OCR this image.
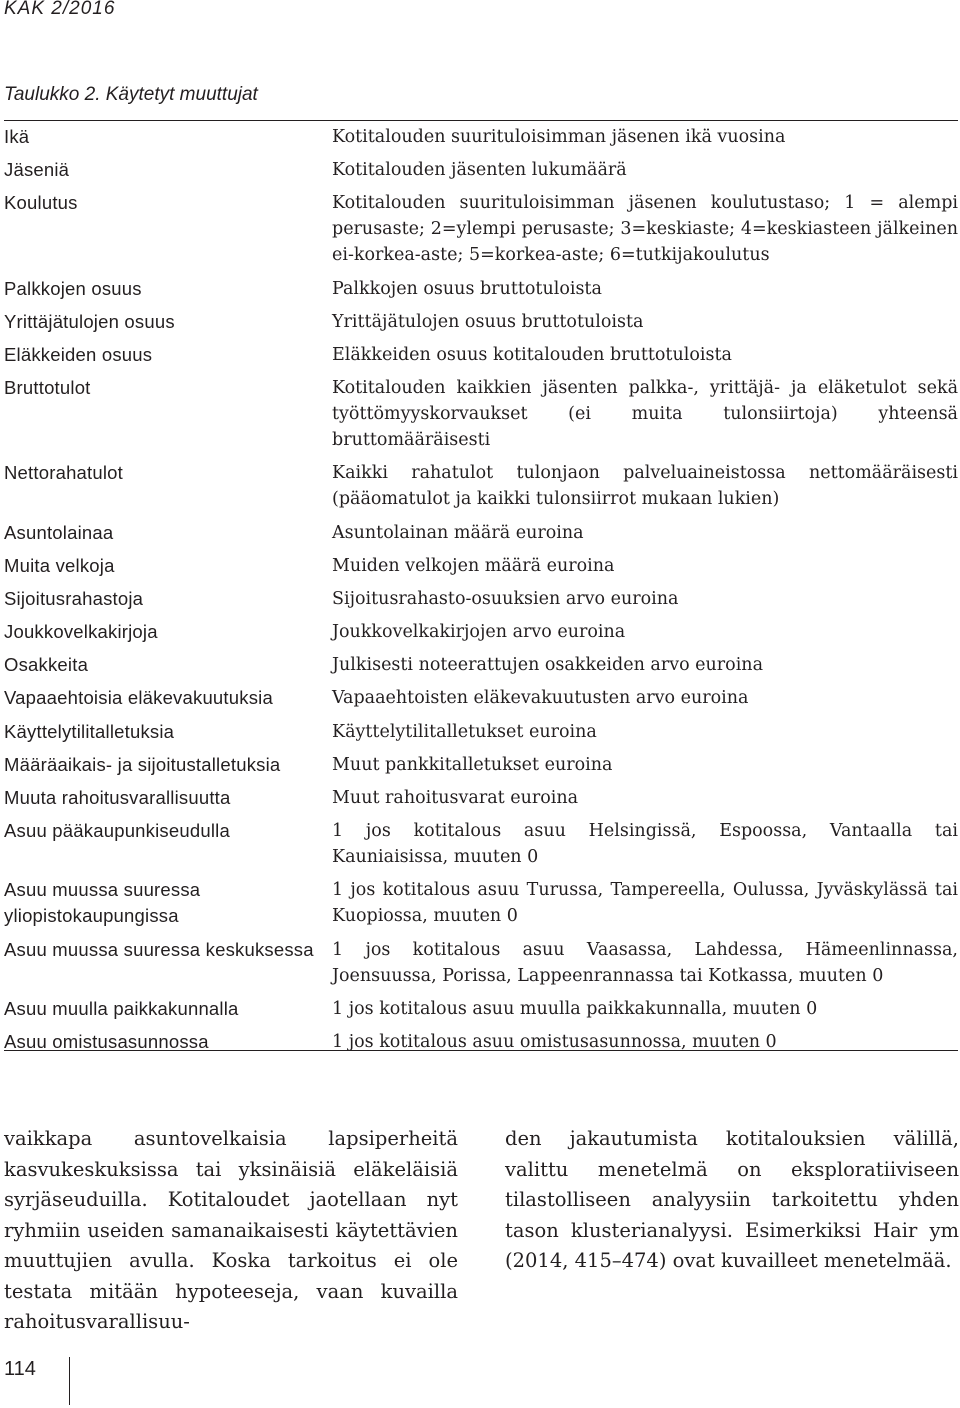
KAK 2/2016
Taulukko 2. Käytetyt muuttujat
Ikä	Kotitalouden suurituloisimman jäsenen ikä vuosina
Jäseniä	Kotitalouden jäsenten lukumäärä
Koulutus	Kotitalouden suurituloisimman jäsenen koulutustaso; 1 = alempi perusaste; 2=ylempi perusaste; 3=keskiaste; 4=keskiasteen jälkeinen ei-korkea-aste; 5=korkea-aste; 6=tutkijakoulutus
Palkkojen osuus	Palkkojen osuus bruttotuloista
Yrittäjätulojen osuus	Yrittäjätulojen osuus bruttotuloista
Eläkkeiden osuus	Eläkkeiden osuus kotitalouden bruttotuloista
Bruttotulot	Kotitalouden kaikkien jäsenten palkka-, yrittäjä- ja eläketulot sekä työttömyyskorvaukset (ei muita tulonsiirtoja) yhteensä bruttomääräisesti
Nettorahatulot	Kaikki rahatulot tulonjaon palveluaineistossa nettomääräisesti (pääomatulot ja kaikki tulonsiirrot mukaan lukien)
Asuntolainaa	Asuntolainan määrä euroina
Muita velkoja	Muiden velkojen määrä euroina
Sijoitusrahastoja	Sijoitusrahasto-osuuksien arvo euroina
Joukkovelkakirjoja	Joukkovelkakirjojen arvo euroina
Osakkeita	Julkisesti noteerattujen osakkeiden arvo euroina
Vapaaehtoisia eläkevakuutuksia	Vapaaehtoisten eläkevakuutusten arvo euroina
Käyttelytilitalletuksia	Käyttelytilitalletukset euroina
Määräaikais- ja sijoitustalletuksia	Muut pankkitalletukset euroina
Muuta rahoitusvarallisuutta	Muut rahoitusvarat euroina
Asuu pääkaupunkiseudulla	1 jos kotitalous asuu Helsingissä, Espoossa, Vantaalla tai Kauniaisissa, muuten 0
Asuu muussa suuressa yliopistokaupungissa	1 jos kotitalous asuu Turussa, Tampereella, Oulussa, Jyväskylässä tai Kuopiossa, muuten 0
Asuu muussa suuressa keskuksessa	1 jos kotitalous asuu Vaasassa, Lahdessa, Hämeenlinnassa, Joensuussa, Porissa, Lappeenrannassa tai Kotkassa, muuten 0
Asuu muulla paikkakunnalla	1 jos kotitalous asuu muulla paikkakunnalla, muuten 0
Asuu omistusasunnossa	1 jos kotitalous asuu omistusasunnossa, muuten 0
vaikkapa asuntovelkaisia lapsiperheitä kasvukeskuksissa tai yksinäisiä eläkeläisiä syrjäseuduilla. Kotitaloudet jaotellaan nyt ryhmiin useiden samanaikaisesti käytettävien muuttujien avulla. Koska tarkoitus ei ole testata mitään hypoteeseja, vaan kuvailla rahoitusvarallisuu-
den jakautumista kotitalouksien välillä, valittu menetelmä on eksploratiiviseen tilastolliseen analyysiin tarkoitettu yhden tason klusterianalyysi. Esimerkiksi Hair ym (2014, 415–474) ovat kuvailleet menetelmää.
114
